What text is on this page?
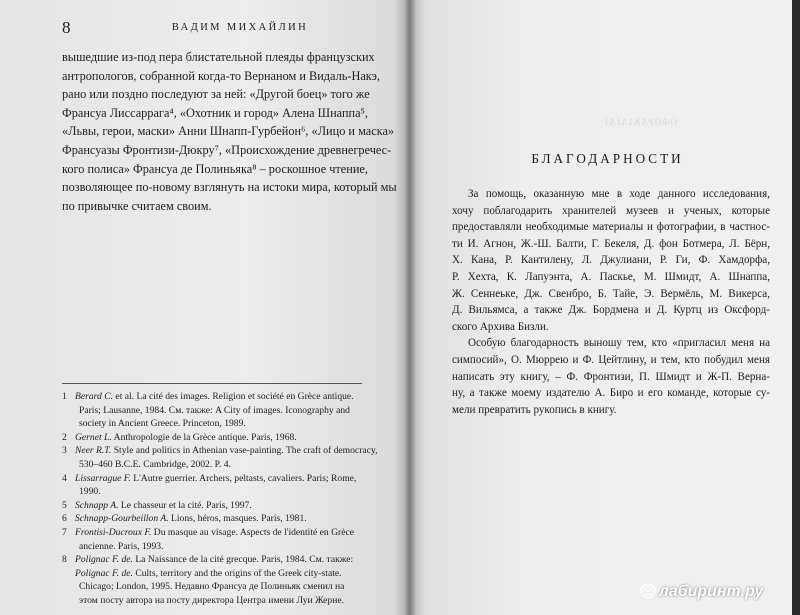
8	ВАДИМ МИХАЙЛИН
вышедшие из-под пера блистательной плеяды французских
антропологов, собранной когда-то Вернаном и Видаль-Накэ,
рано или поздно последуют за ней: «Другой боец» того же
Франсуа Лиссаррага⁴, «Охотник и город» Алена Шнаппа⁵,
«Львы, герои, маски» Анни Шнапп-Гурбейон⁶, «Лицо и маска»
Франсуазы Фронтизи-Дюкру⁷, «Происхождение древнегречес-
кого полиса» Франсуа де Полиньяка⁸ – роскошное чтение,
позволяющее по-новому взглянуть на истоки мира, который мы
по привычке считаем своим.
1 Berard C. et al. La cité des images. Religion et société en Grèce antique.
Paris; Lausanne, 1984. См. также: A City of images. Iconography and
society in Ancient Greece. Princeton, 1989.
2 Gernet L. Anthropologie de la Grèce antique. Paris, 1968.
3 Neer R.T. Style and politics in Athenian vase-painting. The craft of democracy,
530–460 B.C.E. Cambridge, 2002. P. 4.
4 Lissarrague F. L'Autre guerrier. Archers, peltasts, cavaliers. Paris; Rome,
1990.
5 Schnapp A. Le chasseur et la cité. Paris, 1997.
6 Schnapp-Gourbeillon A. Lions, héros, masques. Paris, 1981.
7 Frontisi-Ducroux F. Du masque au visage. Aspects de l'identité en Grèce
ancienne. Paris, 1993.
8 Polignac F. de. La Naissance de la cité grecque. Paris, 1984. См. также:
Polignac F. de. Cults, territory and the origins of the Greek city-state.
Chicago; London, 1995. Недавно Франсуа де Полиньяк сменил на
этом посту автора на посту директора Центра имени Луи Жерне.
ΟΦΠΡΑΚΙΛΙΑΙ
БЛАГОДАРНОСТИ
За помощь, оказанную мне в ходе данного исследования,
хочу поблагодарить хранителей музеев и ученых, которые
предоставляли необходимые материалы и фотографии, в частнос-
ти И. Агнон, Ж.-Ш. Балти, Г. Бекеля, Д. фон Ботмера, Л. Бёрн,
Х. Кана, Р. Кантилену, Л. Джулиани, Р. Ги, Ф. Хамдорфа,
Р. Хехта, К. Лапуэнта, А. Паскье, М. Шмидт, А. Шнаппа,
Ж. Сеннеькe, Дж. Свенбро, Б. Тайе, Э. Вермёль, М. Викерса,
Д. Вильямса, а также Дж. Бордмена и Д. Куртц из Оксфорд-
ского Архива Бизли.
Особую благодарность выношу тем, кто «пригласил меня на
симпосий», О. Мюррею и Ф. Цейтлину, и тем, кто побудил меня
написать эту книгу, – Ф. Фронтизи, П. Шмидт и Ж-П. Верна-
ну, а также моему издателю А. Биро и его команде, которые су-
мели превратить рукопись в книгу.
лабиринт.ру
